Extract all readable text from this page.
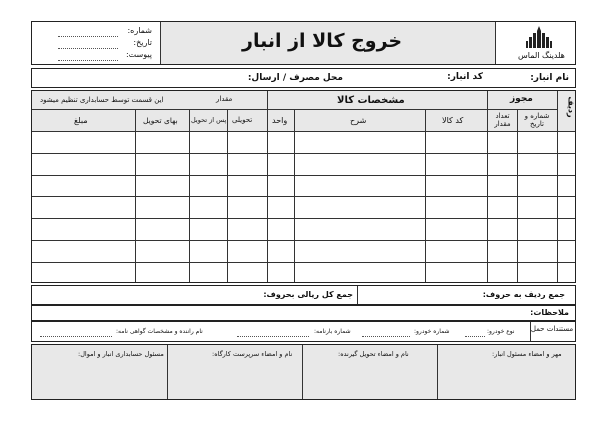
شماره:
تاریخ:
پیوست:
خروج کالا از انبار
هلدینگ الماس
نام انبار:
کد انبار:
محل مصرف / ارسال:
ردیف
مجوز
شماره و تاریخ
تعداد مقدار
مشخصات کالا
کد کالا
شرح
واحد
مقدار
تحویلی
پس از تحویل
این قسمت توسط حسابداری تنظیم میشود
بهای تحویل
مبلغ
جمع ردیف به حروف:
جمع کل ریالی بحروف:
ملاحظات:
مستندات حمل
نوع خودرو:
شماره خودرو:
شماره بارنامه:
نام راننده و مشخصات گواهی نامه:
مهر و امضاء مسئول انبار:
نام و امضاء تحویل گیرنده:
نام و امضاء سرپرست کارگاه:
مسئول حسابداری انبار و اموال:
